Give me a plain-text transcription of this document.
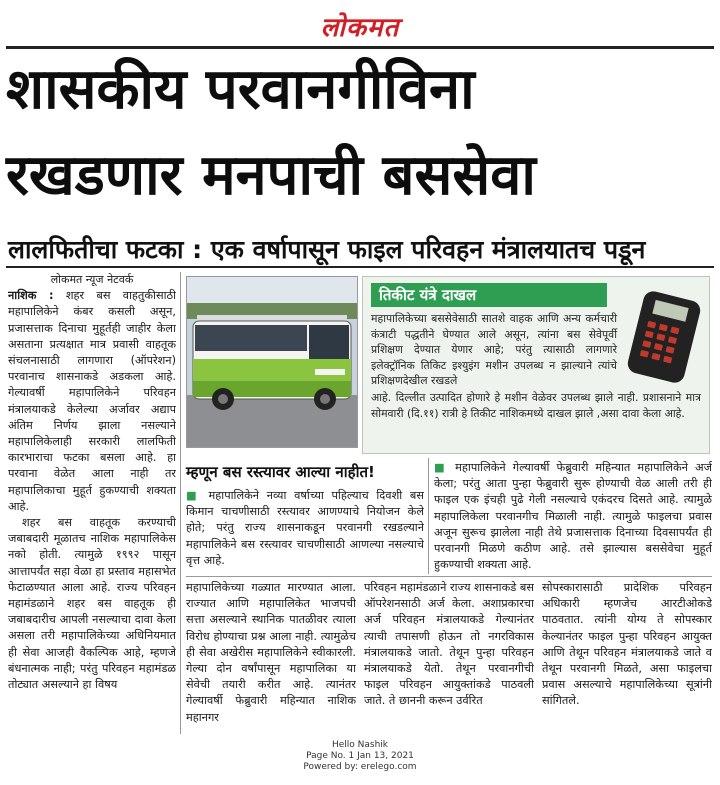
लोकमत
शासकीय परवानगीविना
रखडणार मनपाची बससेवा
लालफितीचा फटका : एक वर्षापासून फाइल परिवहन मंत्रालयातच पडून

लोकमत न्यूज नेटवर्क

नाशिक : शहर बस वाहतुकीसाठी महापालिकेने कंबर कसली असून, प्रजासत्ताक दिनाचा मुहूर्तही जाहीर केला असताना प्रत्यक्षात मात्र प्रवासी वाहतूक संचलनासाठी लागणारा (ऑपरेशन) परवानाच शासनाकडे अडकला आहे. गेल्यावर्षी महापालिकेने परिवहन मंत्रालयाकडे केलेल्या अर्जावर अद्याप अंतिम निर्णय झाला नसल्याने महापालिकेलाही सरकारी लालफिती कारभाराचा फटका बसला आहे. हा परवाना वेळेत आला नाही तर महापालिकाचा मुहूर्त हुकण्याची शक्यता आहे.

शहर बस वाहतूक करण्याची जबाबदारी मूळातच नाशिक महापालिकेस नको होती. त्यामुळे १९९२ पासून आत्तापर्यंत सहा वेळा हा प्रस्ताव महासभेत फेटाळण्यात आला आहे. राज्य परिवहन महामंडळाने शहर बस वाहतूक ही जबाबदारीच आपली नसल्याचा दावा केला असला तरी महापालिकेच्या अधिनियमात ही सेवा आजही वैकल्पिक आहे, म्हणजे बंधनात्मक नाही; परंतु परिवहन महामंडळ तोट्यात असल्याने हा विषय

तिकीट यंत्रे दाखल
महापालिकेच्या बससेवेसाठी सातशे वाहक आणि अन्य कर्मचारी कंत्राटी पद्धतीने घेण्यात आले असून, त्यांना बस सेवेपूर्वी प्रशिक्षण देण्यात येणार आहे; परंतु त्यासाठी लागणारे इलेक्ट्रॉनिक तिकिट इश्युइंग मशीन उपलब्ध न झाल्याने त्यांचे प्रशिक्षणदेखील रखडले
आहे. दिल्लीत उत्पादित होणारे हे मशीन वेळेवर उपलब्ध झाले नाही. प्रशासनाने मात्र सोमवारी (दि.११) रात्री हे तिकीट नाशिकमध्ये दाखल झाले ,असा दावा केला आहे.
म्हणून बस रस्त्यावर आल्या नाहीत!

■ महापालिकेने नव्या वर्षाच्या पहिल्याच दिवशी बस किमान चाचणीसाठी रस्त्यावर आणण्याचे नियोजन केले होते; परंतु राज्य शासनाकडून परवानगी रखडल्याने महापालिकेने बस रस्त्यावर चाचणीसाठी आणल्या नसल्याचे वृत्त आहे.

■ महापालिकेने गेल्यावर्षी फेब्रुवारी महिन्यात महापालिकेने अर्ज केला; परंतु आता पुन्हा फेब्रुवारी सुरू होण्याची वेळ आली तरी ही फाइल एक इंचही पुढे गेली नसल्याचे एकंदरच दिसते आहे. त्यामुळे महापालिकेला परवानगीच मिळाली नाही. त्यामुळे फाइलचा प्रवास अजून सुरूच झालेला नाही तेथे प्रजासत्ताक दिनाच्या दिवसापर्यंत ही परवानगी मिळणे कठीण आहे. तसे झाल्यास बससेवेचा मुहूर्त हुकण्याची शक्यता आहे.

महापालिकेच्या गळ्यात मारण्यात आला. राज्यात आणि महापालिकेत भाजपची सत्ता असल्याने स्थानिक पातळीवर त्याला विरोध होण्याचा प्रश्न आला नाही. त्यामुळेच ही सेवा अखेरीस महापालिकेने स्वीकारली. गेल्या दोन वर्षांपासून महापालिका या सेवेची तयारी करीत आहे. त्यानंतर गेल्यावर्षी फेब्रुवारी महिन्यात नाशिक महानगर
परिवहन महामंडळाने राज्य शासनाकडे बस ऑपरेशनसाठी अर्ज केला. अशाप्रकारचा अर्ज परिवहन मंत्रालयाकडे गेल्यानंतर त्याची तपासणी होऊन तो नगरविकास मंत्रालयाकडे जातो. तेथून पुन्हा परिवहन मंत्रालयाकडे येतो. तेथून परवानगीची फाइल परिवहन आयुक्तांकडे पाठवली जाते. ते छाननी करून उर्वरित
सोपस्कारासाठी प्रादेशिक परिवहन अधिकारी म्हणजेच आरटीओकडे पाठवतात. त्यांनी योग्य ते सोपस्कार केल्यानंतर फाइल पुन्हा परिवहन आयुक्त आणि तेथून परिवहन मंत्रालयाकडे जाते व तेथून परवानगी मिळते, असा फाइलचा प्रवास असल्याचे महापालिकेच्या सूत्रांनी सांगितले.
Hello Nashik
Page No. 1 Jan 13, 2021
Powered by: erelego.com
